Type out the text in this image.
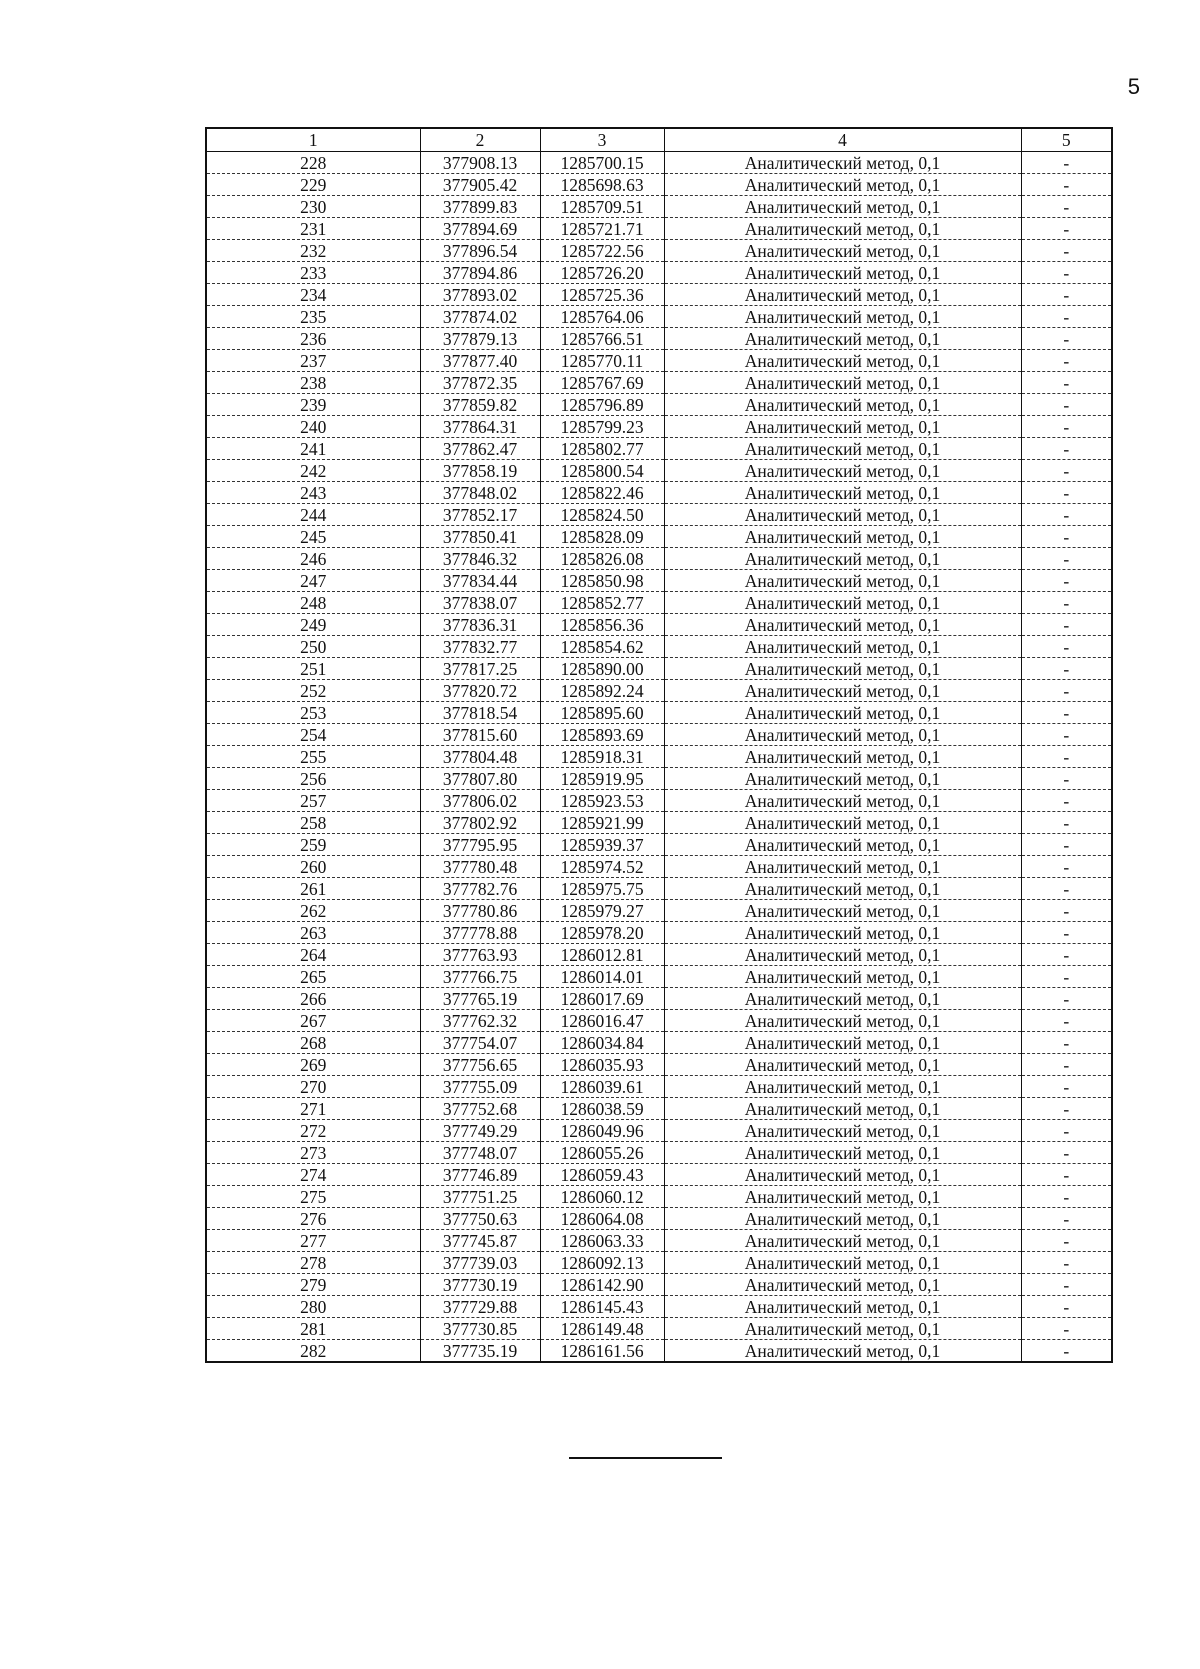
5
1	2	3	4	5
228	377908.13	1285700.15	Аналитический метод, 0,1	-
229	377905.42	1285698.63	Аналитический метод, 0,1	-
230	377899.83	1285709.51	Аналитический метод, 0,1	-
231	377894.69	1285721.71	Аналитический метод, 0,1	-
232	377896.54	1285722.56	Аналитический метод, 0,1	-
233	377894.86	1285726.20	Аналитический метод, 0,1	-
234	377893.02	1285725.36	Аналитический метод, 0,1	-
235	377874.02	1285764.06	Аналитический метод, 0,1	-
236	377879.13	1285766.51	Аналитический метод, 0,1	-
237	377877.40	1285770.11	Аналитический метод, 0,1	-
238	377872.35	1285767.69	Аналитический метод, 0,1	-
239	377859.82	1285796.89	Аналитический метод, 0,1	-
240	377864.31	1285799.23	Аналитический метод, 0,1	-
241	377862.47	1285802.77	Аналитический метод, 0,1	-
242	377858.19	1285800.54	Аналитический метод, 0,1	-
243	377848.02	1285822.46	Аналитический метод, 0,1	-
244	377852.17	1285824.50	Аналитический метод, 0,1	-
245	377850.41	1285828.09	Аналитический метод, 0,1	-
246	377846.32	1285826.08	Аналитический метод, 0,1	-
247	377834.44	1285850.98	Аналитический метод, 0,1	-
248	377838.07	1285852.77	Аналитический метод, 0,1	-
249	377836.31	1285856.36	Аналитический метод, 0,1	-
250	377832.77	1285854.62	Аналитический метод, 0,1	-
251	377817.25	1285890.00	Аналитический метод, 0,1	-
252	377820.72	1285892.24	Аналитический метод, 0,1	-
253	377818.54	1285895.60	Аналитический метод, 0,1	-
254	377815.60	1285893.69	Аналитический метод, 0,1	-
255	377804.48	1285918.31	Аналитический метод, 0,1	-
256	377807.80	1285919.95	Аналитический метод, 0,1	-
257	377806.02	1285923.53	Аналитический метод, 0,1	-
258	377802.92	1285921.99	Аналитический метод, 0,1	-
259	377795.95	1285939.37	Аналитический метод, 0,1	-
260	377780.48	1285974.52	Аналитический метод, 0,1	-
261	377782.76	1285975.75	Аналитический метод, 0,1	-
262	377780.86	1285979.27	Аналитический метод, 0,1	-
263	377778.88	1285978.20	Аналитический метод, 0,1	-
264	377763.93	1286012.81	Аналитический метод, 0,1	-
265	377766.75	1286014.01	Аналитический метод, 0,1	-
266	377765.19	1286017.69	Аналитический метод, 0,1	-
267	377762.32	1286016.47	Аналитический метод, 0,1	-
268	377754.07	1286034.84	Аналитический метод, 0,1	-
269	377756.65	1286035.93	Аналитический метод, 0,1	-
270	377755.09	1286039.61	Аналитический метод, 0,1	-
271	377752.68	1286038.59	Аналитический метод, 0,1	-
272	377749.29	1286049.96	Аналитический метод, 0,1	-
273	377748.07	1286055.26	Аналитический метод, 0,1	-
274	377746.89	1286059.43	Аналитический метод, 0,1	-
275	377751.25	1286060.12	Аналитический метод, 0,1	-
276	377750.63	1286064.08	Аналитический метод, 0,1	-
277	377745.87	1286063.33	Аналитический метод, 0,1	-
278	377739.03	1286092.13	Аналитический метод, 0,1	-
279	377730.19	1286142.90	Аналитический метод, 0,1	-
280	377729.88	1286145.43	Аналитический метод, 0,1	-
281	377730.85	1286149.48	Аналитический метод, 0,1	-
282	377735.19	1286161.56	Аналитический метод, 0,1	-
